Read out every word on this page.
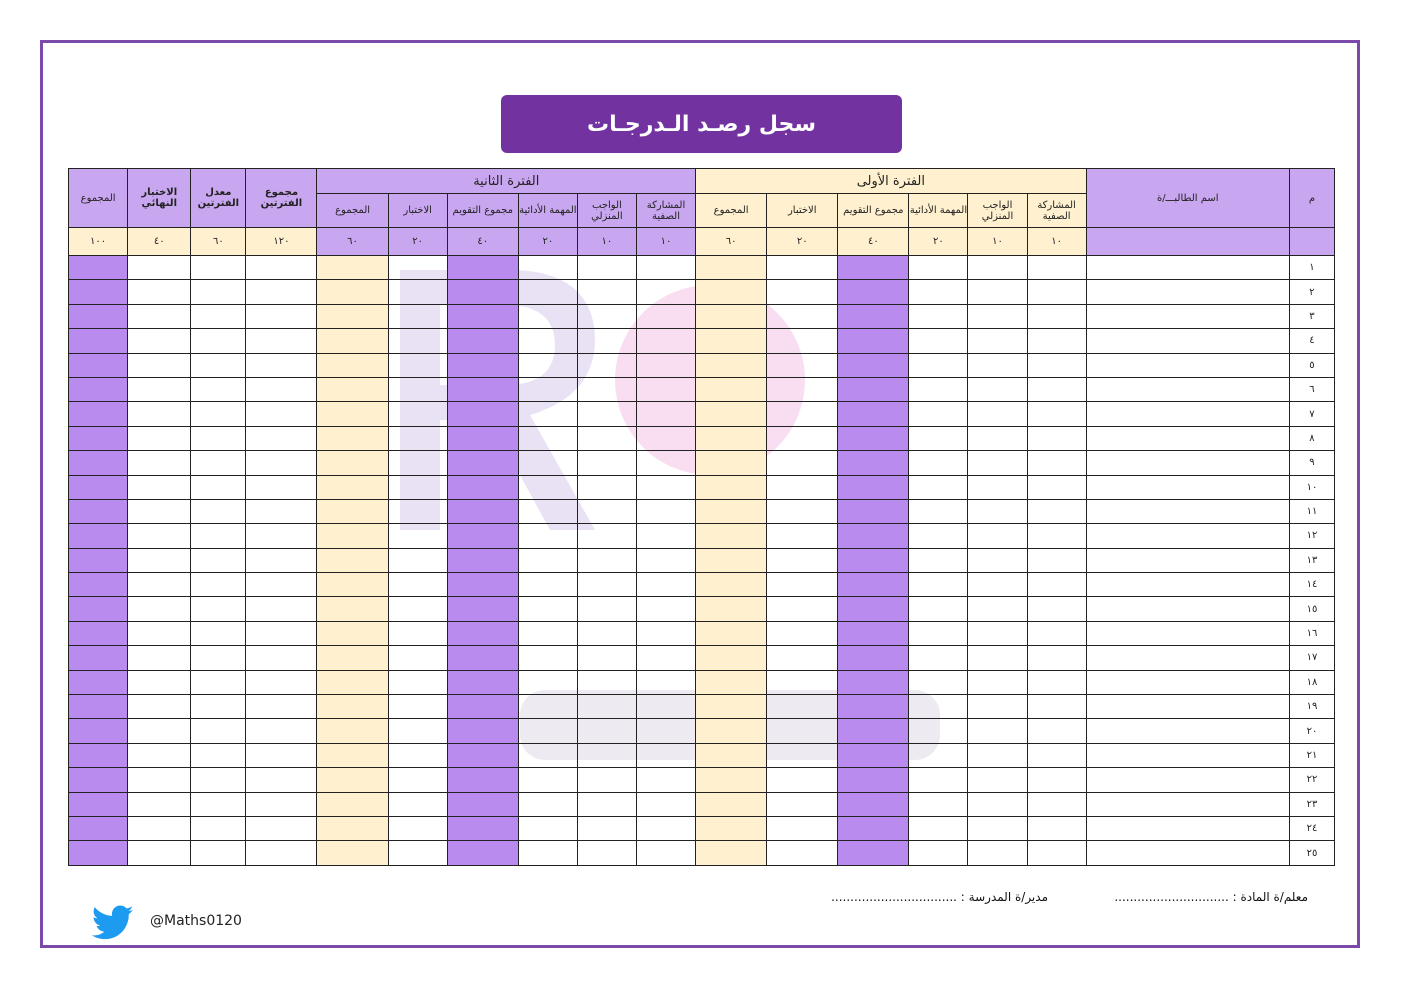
سجل رصـد الـدرجـات
م	اسم الطالبـــ/ة	الفترة الأولى						الفترة الثانية						مجموع الفترتين	معدل الفترتين	الاختبار النهائي	المجموع
		المشاركة الصفية	الواجب المنزلي	المهمة الأدائية	مجموع التقويم	الاختبار	المجموع	المشاركة الصفية	الواجب المنزلي	المهمة الأدائية	مجموع التقويم	الاختبار	المجموع				
		١٠	١٠	٢٠	٤٠	٢٠	٦٠	١٠	١٠	٢٠	٤٠	٢٠	٦٠	١٢٠	٦٠	٤٠	١٠٠
١																	
٢																	
٣																	
٤																	
٥																	
٦																	
٧																	
٨																	
٩																	
١٠																	
١١																	
١٢																	
١٣																	
١٤																	
١٥																	
١٦																	
١٧																	
١٨																	
١٩																	
٢٠																	
٢١																	
٢٢																	
٢٣																	
٢٤																	
٢٥																	
معلم/ة المادة : ..............................
مدير/ة المدرسة : .................................
@Maths0120
